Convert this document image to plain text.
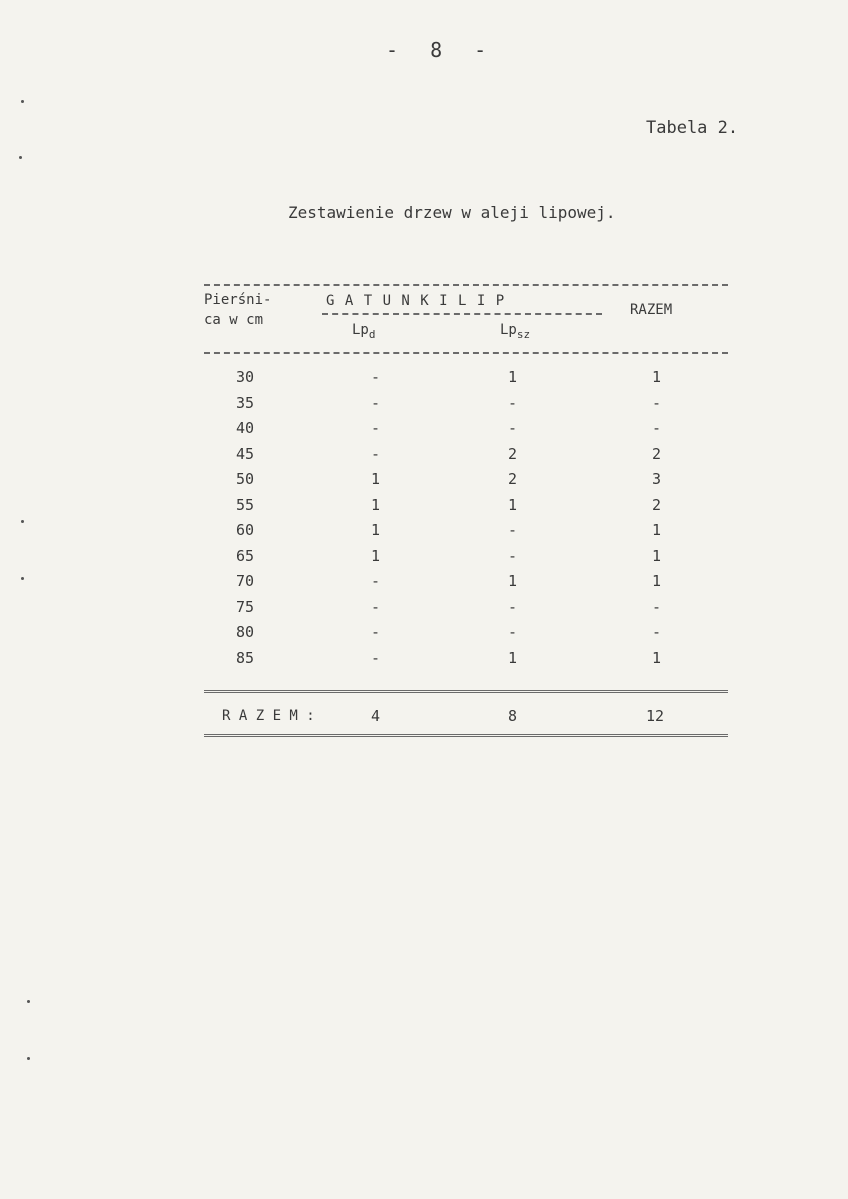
- 8 -
Tabela 2.
Zestawienie drzew w aleji lipowej.
Pierśni-
ca w cm
G A T U N K I L I P
RAZEM
$Lp_d$	$Lp_{sz}$
30	-	1	1
35	-	-	-
40	-	-	-
45	-	2	2
50	1	2	3
55	1	1	2
60	1	-	1
65	1	-	1
70	-	1	1
75	-	-	-
80	-	-	-
85	-	1	1
R A Z E M :	4	8	12
